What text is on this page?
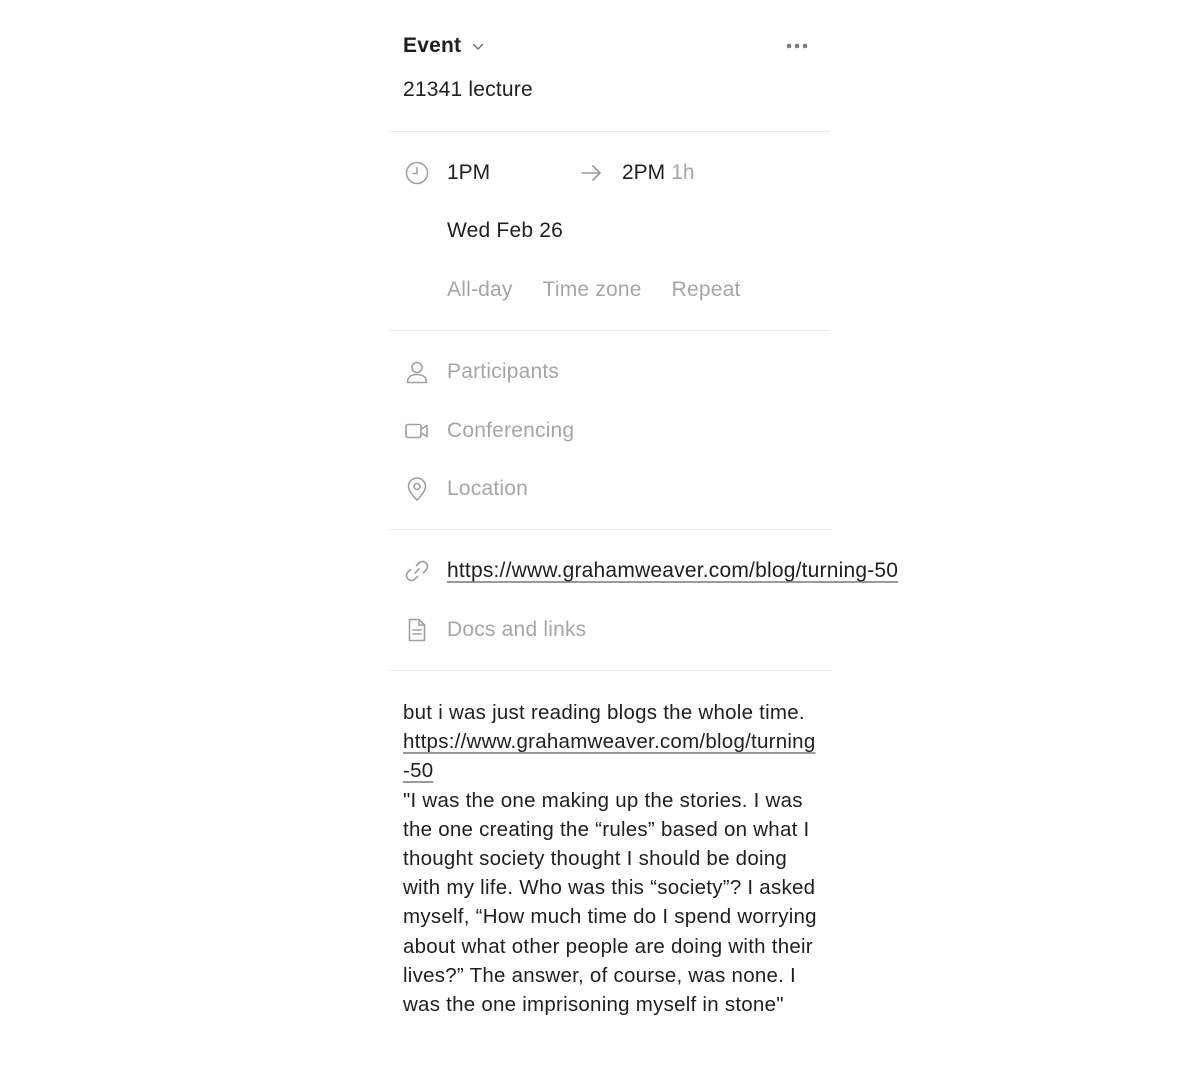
Event
21341 lecture
1PM	2PM 1h
Wed Feb 26
All-day Time zone Repeat
Participants
Conferencing
Location
https://www.grahamweaver.com/blog/turning-50
Docs and links

but i was just reading blogs the whole time.

https://www.grahamweaver.com/blog/turning-50

"I was the one making up the stories. I was the one creating the “rules” based on what I thought society thought I should be doing with my life. Who was this “society”? I asked myself, “How much time do I spend worrying about what other people are doing with their lives?” The answer, of course, was none. I was the one imprisoning myself in stone"
